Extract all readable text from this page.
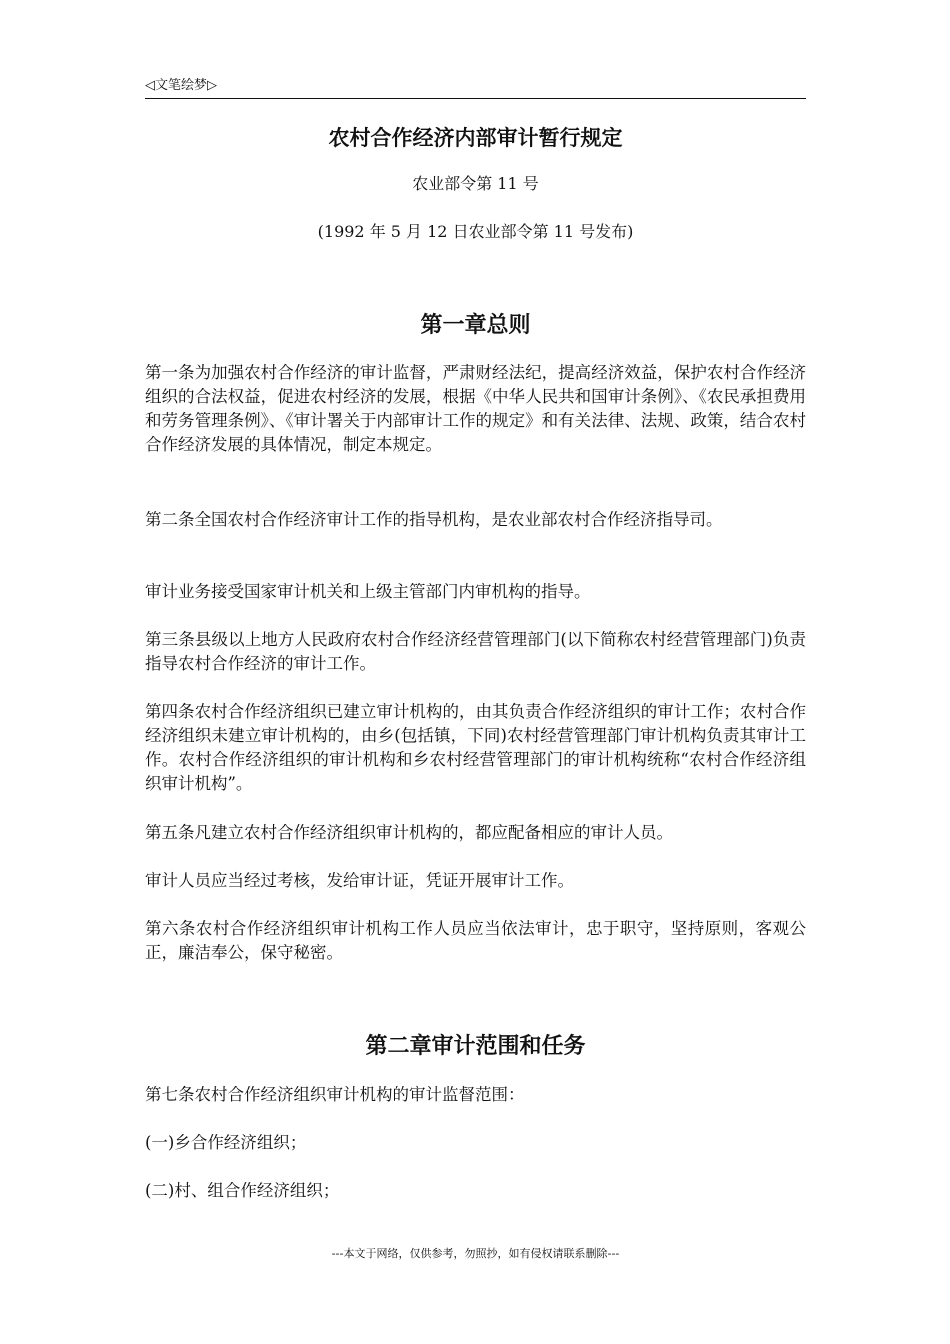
◁文笔绘梦▷
农村合作经济内部审计暂行规定
农业部令第 11 号
(1992 年 5 月 12 日农业部令第 11 号发布)
第一章总则

第一条为加强农村合作经济的审计监督，严肃财经法纪，提高经济效益，保护农村合作经济组织的合法权益，促进农村经济的发展，根据《中华人民共和国审计条例》、《农民承担费用和劳务管理条例》、《审计署关于内部审计工作的规定》和有关法律、法规、政策，结合农村合作经济发展的具体情况，制定本规定。

第二条全国农村合作经济审计工作的指导机构，是农业部农村合作经济指导司。

审计业务接受国家审计机关和上级主管部门内审机构的指导。

第三条县级以上地方人民政府农村合作经济经营管理部门(以下简称农村经营管理部门)负责指导农村合作经济的审计工作。

第四条农村合作经济组织已建立审计机构的，由其负责合作经济组织的审计工作；农村合作经济组织未建立审计机构的，由乡(包括镇，下同)农村经营管理部门审计机构负责其审计工作。农村合作经济组织的审计机构和乡农村经营管理部门的审计机构统称“农村合作经济组织审计机构”。

第五条凡建立农村合作经济组织审计机构的，都应配备相应的审计人员。

审计人员应当经过考核，发给审计证，凭证开展审计工作。

第六条农村合作经济组织审计机构工作人员应当依法审计，忠于职守，坚持原则，客观公正，廉洁奉公，保守秘密。

第二章审计范围和任务

第七条农村合作经济组织审计机构的审计监督范围：

(一)乡合作经济组织；

(二)村、组合作经济组织；

---本文于网络，仅供参考，勿照抄，如有侵权请联系删除---
